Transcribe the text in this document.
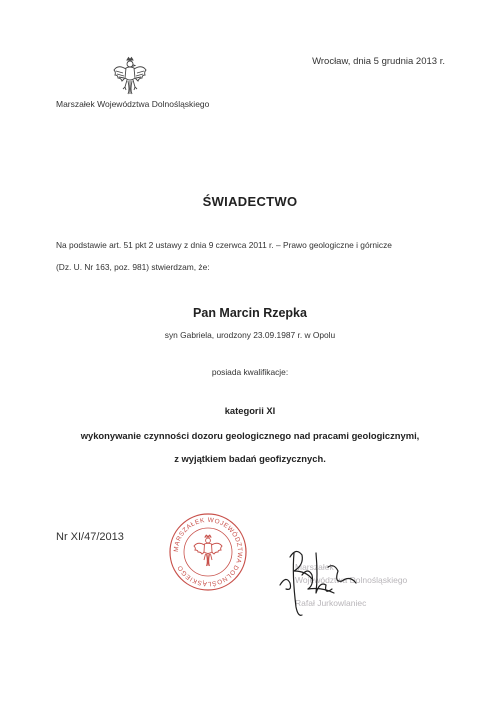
Wrocław, dnia 5 grudnia 2013 r.
Marszałek Województwa Dolnośląskiego
ŚWIADECTWO
Na podstawie art. 51 pkt 2 ustawy z dnia 9 czerwca 2011 r. – Prawo geologiczne i górnicze
(Dz. U. Nr 163, poz. 981) stwierdzam, że:
Pan Marcin Rzepka
syn Gabriela, urodzony 23.09.1987 r. w Opolu
posiada kwalifikacje:
kategorii XI
wykonywanie czynności dozoru geologicznego nad pracami geologicznymi,
z wyjątkiem badań geofizycznych.
Nr XI/47/2013
MARSZAŁEK WOJEWÓDZTWA DOLNOŚLĄSKIEGO	Marszałek
Województwa Dolnośląskiego
Rafał Jurkowlaniec
